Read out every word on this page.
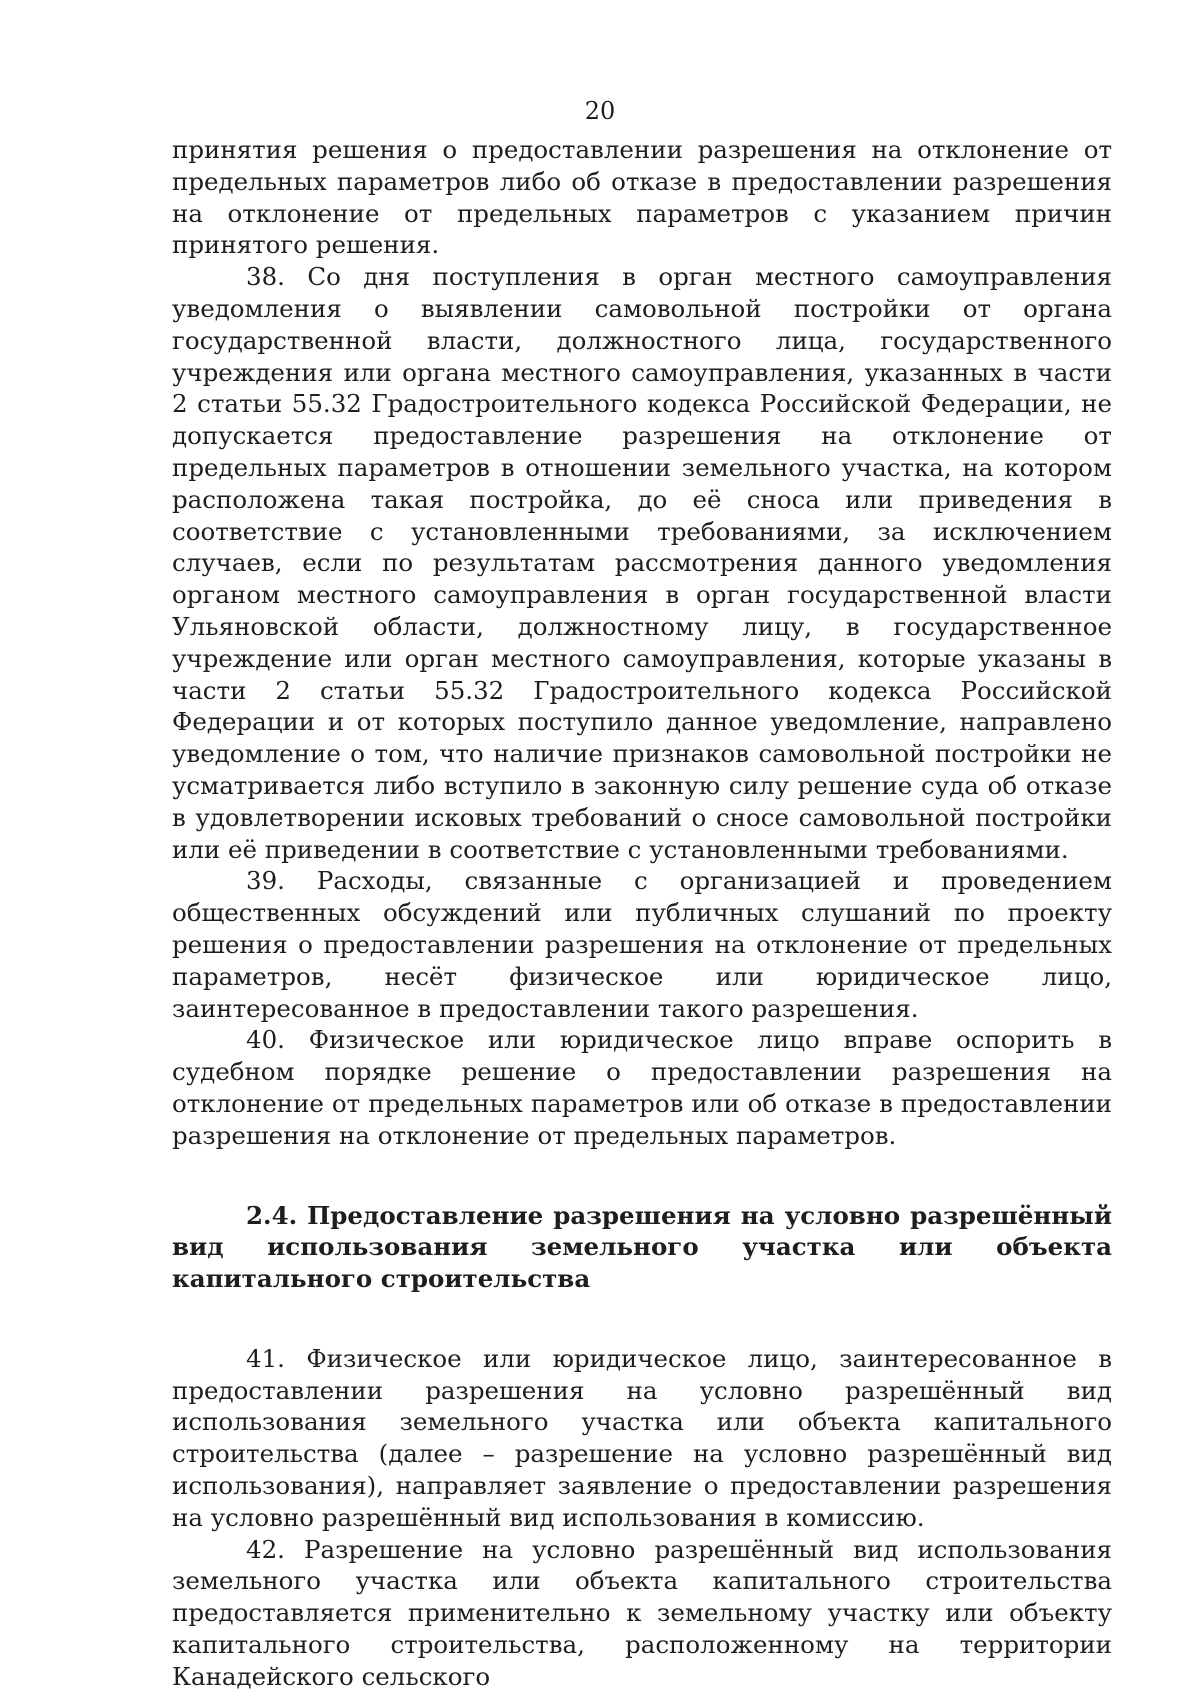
20

принятия решения о предоставлении разрешения на отклонение от предельных параметров либо об отказе в предоставлении разрешения на отклонение от предельных параметров с указанием причин принятого решения.

38. Со дня поступления в орган местного самоуправления уведомления о выявлении самовольной постройки от органа государственной власти, должностного лица, государственного учреждения или органа местного самоуправления, указанных в части 2 статьи 55.32 Градостроительного кодекса Российской Федерации, не допускается предоставление разрешения на отклонение от предельных параметров в отношении земельного участка, на котором расположена такая постройка, до её сноса или приведения в соответствие с установленными требованиями, за исключением случаев, если по результатам рассмотрения данного уведомления органом местного самоуправления в орган государственной власти Ульяновской области, должностному лицу, в государственное учреждение или орган местного самоуправления, которые указаны в части 2 статьи 55.32 Градостроительного кодекса Российской Федерации и от которых поступило данное уведомление, направлено уведомление о том, что наличие признаков самовольной постройки не усматривается либо вступило в законную силу решение суда об отказе в удовлетворении исковых требований о сносе самовольной постройки или её приведении в соответствие с установленными требованиями.

39. Расходы, связанные с организацией и проведением общественных обсуждений или публичных слушаний по проекту решения о предоставлении разрешения на отклонение от предельных параметров, несёт физическое или юридическое лицо, заинтересованное в предоставлении такого разрешения.

40. Физическое или юридическое лицо вправе оспорить в судебном порядке решение о предоставлении разрешения на отклонение от предельных параметров или об отказе в предоставлении разрешения на отклонение от предельных параметров.

2.4. Предоставление разрешения на условно разрешённый вид использования земельного участка или объекта капитального строительства

41. Физическое или юридическое лицо, заинтересованное в предоставлении разрешения на условно разрешённый вид использования земельного участка или объекта капитального строительства (далее – разрешение на условно разрешённый вид использования), направляет заявление о предоставлении разрешения на условно разрешённый вид использования в комиссию.

42. Разрешение на условно разрешённый вид использования земельного участка или объекта капитального строительства предоставляется применительно к земельному участку или объекту капитального строительства, расположенному на территории Канадейского сельского
